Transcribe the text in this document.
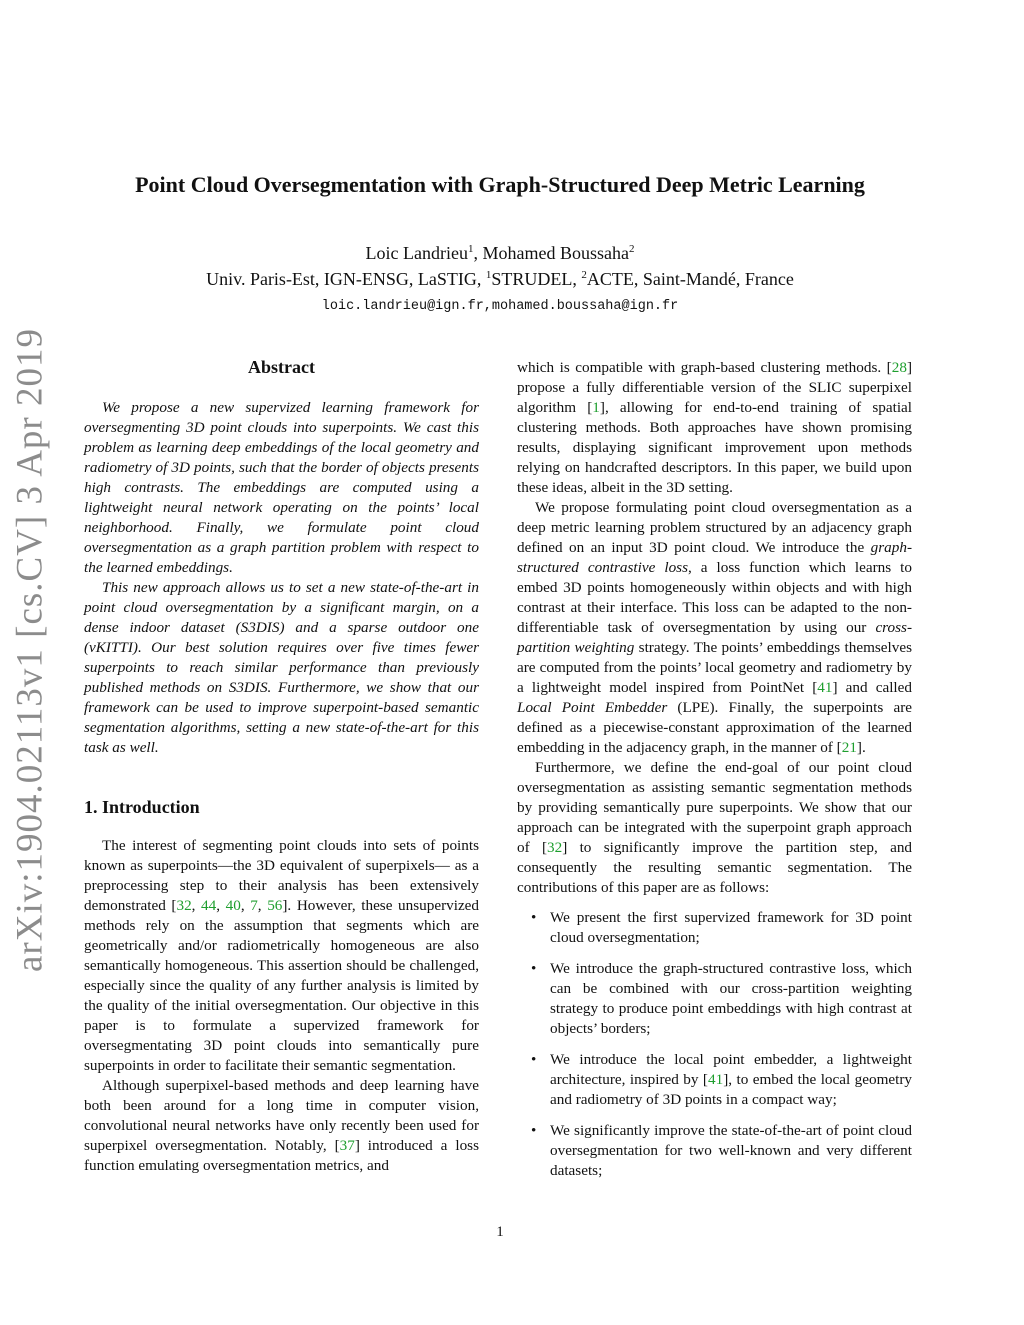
arXiv:1904.02113v1 [cs.CV] 3 Apr 2019
Point Cloud Oversegmentation with Graph-Structured Deep Metric Learning
Loic Landrieu$^1$, Mohamed Boussaha$^2$
Univ. Paris-Est, IGN-ENSG, LaSTIG, $^1$STRUDEL, $^2$ACTE, Saint-Mandé, France
loic.landrieu@ign.fr,mohamed.boussaha@ign.fr
Abstract

We propose a new supervized learning framework for oversegmenting 3D point clouds into superpoints. We cast this problem as learning deep embeddings of the local geometry and radiometry of 3D points, such that the border of objects presents high contrasts. The embeddings are computed using a lightweight neural network operating on the points’ local neighborhood. Finally, we formulate point cloud oversegmentation as a graph partition problem with respect to the learned embeddings.

This new approach allows us to set a new state-of-the-art in point cloud oversegmentation by a significant margin, on a dense indoor dataset (S3DIS) and a sparse outdoor one (vKITTI). Our best solution requires over five times fewer superpoints to reach similar performance than previously published methods on S3DIS. Furthermore, we show that our framework can be used to improve superpoint-based semantic segmentation algorithms, setting a new state-of-the-art for this task as well.

1. Introduction

The interest of segmenting point clouds into sets of points known as superpoints—the 3D equivalent of superpixels— as a preprocessing step to their analysis has been extensively demonstrated [32, 44, 40, 7, 56]. However, these unsupervized methods rely on the assumption that segments which are geometrically and/or radiometrically homogeneous are also semantically homogeneous. This assertion should be challenged, especially since the quality of any further analysis is limited by the quality of the initial oversegmentation. Our objective in this paper is to formulate a supervized framework for oversegmentating 3D point clouds into semantically pure superpoints in order to facilitate their semantic segmentation.

Although superpixel-based methods and deep learning have both been around for a long time in computer vision, convolutional neural networks have only recently been used for superpixel oversegmentation. Notably, [37] introduced a loss function emulating oversegmentation metrics, and

which is compatible with graph-based clustering methods. [28] propose a fully differentiable version of the SLIC superpixel algorithm [1], allowing for end-to-end training of spatial clustering methods. Both approaches have shown promising results, displaying significant improvement upon methods relying on handcrafted descriptors. In this paper, we build upon these ideas, albeit in the 3D setting.

We propose formulating point cloud oversegmentation as a deep metric learning problem structured by an adjacency graph defined on an input 3D point cloud. We introduce the graph-structured contrastive loss, a loss function which learns to embed 3D points homogeneously within objects and with high contrast at their interface. This loss can be adapted to the non-differentiable task of oversegmentation by using our cross-partition weighting strategy. The points’ embeddings themselves are computed from the points’ local geometry and radiometry by a lightweight model inspired from PointNet [41] and called Local Point Embedder (LPE). Finally, the superpoints are defined as a piecewise-constant approximation of the learned embedding in the adjacency graph, in the manner of [21].

Furthermore, we define the end-goal of our point cloud oversegmentation as assisting semantic segmentation methods by providing semantically pure superpoints. We show that our approach can be integrated with the superpoint graph approach of [32] to significantly improve the partition step, and consequently the resulting semantic segmentation. The contributions of this paper are as follows:

• We present the first supervized framework for 3D point cloud oversegmentation;
• We introduce the graph-structured contrastive loss, which can be combined with our cross-partition weighting strategy to produce point embeddings with high contrast at objects’ borders;
• We introduce the local point embedder, a lightweight architecture, inspired by [41], to embed the local geometry and radiometry of 3D points in a compact way;
• We significantly improve the state-of-the-art of point cloud oversegmentation for two well-known and very different datasets;
1
